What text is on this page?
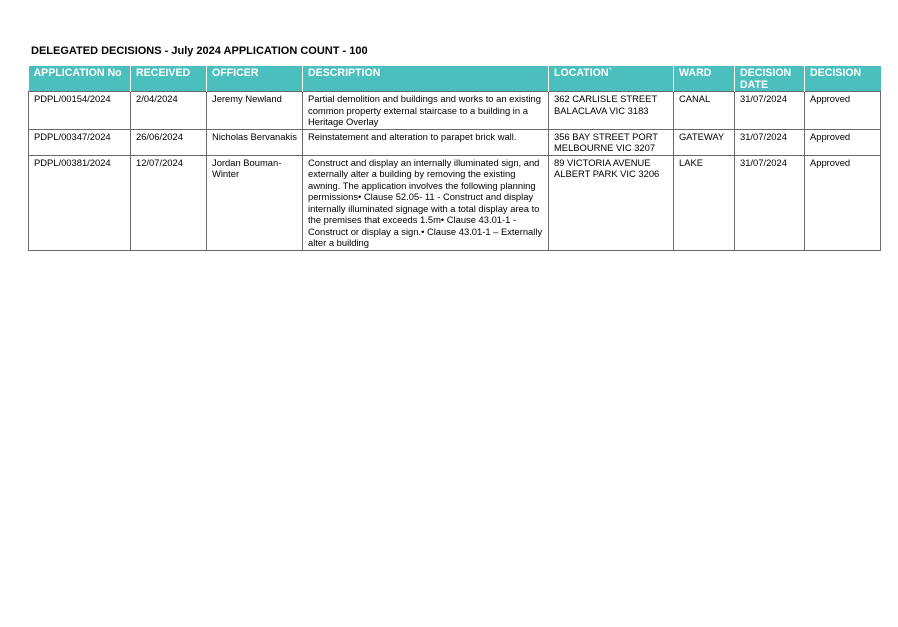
DELEGATED DECISIONS - July 2024 APPLICATION COUNT - 100
APPLICATION No	RECEIVED	OFFICER	DESCRIPTION	LOCATION`	WARD	DECISION DATE	DECISION
PDPL/00154/2024	2/04/2024	Jeremy Newland	Partial demolition and buildings and works to an existing common property external staircase to a building in a Heritage Overlay	362 CARLISLE STREET BALACLAVA VIC 3183	CANAL	31/07/2024	Approved
PDPL/00347/2024	26/06/2024	Nicholas Bervanakis	Reinstatement and alteration to parapet brick wall.	356 BAY STREET PORT MELBOURNE VIC 3207	GATEWAY	31/07/2024	Approved
PDPL/00381/2024	12/07/2024	Jordan Bouman-Winter	Construct and display an internally illuminated sign, and externally alter a building by removing the existing awning. The application involves the following planning permissions• Clause 52.05- 11 - Construct and display internally illuminated signage with a total display area to the premises that exceeds 1.5m• Clause 43.01-1 - Construct or display a sign.• Clause 43.01-1 – Externally alter a building	89 VICTORIA AVENUE ALBERT PARK VIC 3206	LAKE	31/07/2024	Approved
